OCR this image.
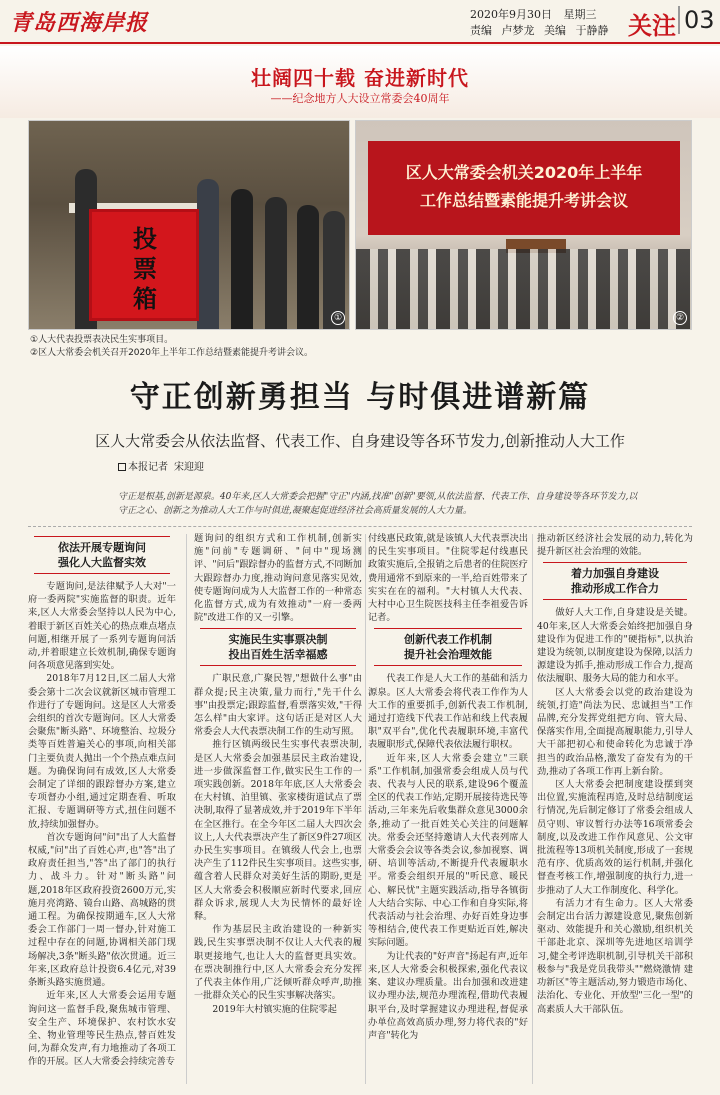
青岛西海岸报	2020年9月30日 星期三
责编 卢梦龙 美编 于静静 关注 03
壮阔四十载 奋进新时代
——纪念地方人大设立常委会40周年
投票箱
①
区人大常委会机关2020年上半年
工作总结暨素能提升考讲会议
②
①人大代表投票表决民生实事项目。
②区人大常委会机关召开2020年上半年工作总结暨素能提升考讲会议。
守正创新勇担当 与时俱进谱新篇
区人大常委会从依法监督、代表工作、自身建设等各环节发力,创新推动人大工作
本报记者 宋迎迎
守正是根基,创新是源泉。40年来,区人大常委会把握"守正"内涵,找准"创新"要领,从依法监督、代表工作、自身建设等各环节发力,以守正之心、创新之为推动人大工作与时俱进,凝聚起促进经济社会高质量发展的人大力量。
依法开展专题询问
强化人大监督实效

专题询问,是法律赋予人大对"一府一委两院"实施监督的职责。近年来,区人大常委会坚持以人民为中心,着眼于新区百姓关心的热点难点堵点问题,相继开展了一系列专题询问活动,并着眼建立长效机制,确保专题询问各项意见落到实处。

2018年7月12日,区二届人大常委会第十二次会议就新区城市管理工作进行了专题询问。这是区人大常委会组织的首次专题询问。区人大常委会聚焦"断头路"、环境整治、垃圾分类等百姓普遍关心的事项,向相关部门主要负责人抛出一个个热点难点问题。为确保询问有成效,区人大常委会制定了详细的跟踪督办方案,建立专项督办小组,通过定期查看、听取汇报、专题调研等方式,扭住问题不放,持续加强督办。

首次专题询问"问"出了人大监督权威,"问"出了百姓心声,也"答"出了政府责任担当,"答"出了部门的执行力、战斗力。针对"断头路"问题,2018年区政府投资2600万元,实施月亮湾路、镜台山路、高城路的贯通工程。为确保按期通车,区人大常委会工作部门一周一督办,针对施工过程中存在的问题,协调相关部门现场解决,3条"断头路"依次贯通。近三年来,区政府总计投资6.4亿元,对39条断头路实施贯通。

近年来,区人大常委会运用专题询问这一监督手段,聚焦城市管理、安全生产、环境保护、农村饮水安全、物业管理等民生热点,替百姓发问,为群众发声,有力地推动了各项工作的开展。区人大常委会持续完善专

题询问的组织方式和工作机制,创新实施"问前"专题调研、"问中"现场测评、"问后"跟踪督办的监督方式,不同断加大跟踪督办力度,推动询问意见落实见效,使专题询问成为人大监督工作的一种常态化监督方式,成为有效推动"一府一委两院"改进工作的又一引擎。

实施民生实事票决制
投出百姓生活幸福感

广职民意,广聚民智,"想做什么事"由群众提;民主决策,量力而行,"先干什么事"由投票定;跟踪监督,看票落实效,"干得怎么样"由大家评。这句话正是对区人大常委会人大代表票决制工作的生动写照。

推行区镇两级民生实事代表票决制,是区人大常委会加强基层民主政治建设,进一步做深监督工作,做实民生工作的一项实践创新。2018年年底,区人大常委会在大村镇、泊里镇、张家楼街道试点了票决制,取得了显著成效,并于2019年下半年在全区推行。在全今年区二届人大四次会议上,人大代表票决产生了新区9件27项区办民生实事项目。在镇级人代会上,也票决产生了112件民生实事项目。这些实事,蕴含着人民群众对美好生活的期盼,更是区人大常委会积极顺应新时代要求,回应群众诉求,展现人大为民情怀的最好诠释。

作为基层民主政治建设的一种新实践,民生实事票决制不仅让人大代表的履职更接地气,也让人大的监督更具实效。在票决制推行中,区人大常委会充分发挥了代表主体作用,广泛倾听群众呼声,助推一批群众关心的民生实事解决落实。

2019年大村镇实施的住院零起

付线惠民政策,就是该镇人大代表票决出的民生实事项目。"住院零起付线惠民政策实施后,全报销之后患者的住院医疗费用通常不到原来的一半,给百姓带来了实实在在的福利。"大村镇人大代表、大村中心卫生院医技科主任李祖爱告诉记者。

创新代表工作机制
提升社会治理效能

代表工作是人大工作的基础和活力源泉。区人大常委会将代表工作作为人大工作的重要抓手,创新代表工作机制,通过打造线下代表工作站和线上代表履职"双平台",优化代表履职环境,丰富代表履职形式,保障代表依法履行职权。

近年来,区人大常委会建立"三联系"工作机制,加强常委会组成人员与代表、代表与人民的联系,建设96个覆盖全区的代表工作站,定期开展接待选民等活动,三年来先后收集群众意见3000余条,推动了一批百姓关心关注的问题解决。常委会还坚持邀请人大代表列席人大常委会会议等各类会议,参加视察、调研、培训等活动,不断提升代表履职水平。常委会组织开展的"听民意、暖民心、解民忧"主题实践活动,指导各镇街人大结合实际、中心工作和自身实际,将代表活动与社会治理、办好百姓身边事等相结合,使代表工作更贴近百姓,解决实际问题。

为让代表的"好声音"扬起有声,近年来,区人大常委会积极探索,强化代表议案、建议办理质量。出台加强和改进建议办理办法,规范办理流程,借助代表履职平台,及时掌握建议办理进程,督促承办单位高效高质办理,努力将代表的"好声音"转化为

推动新区经济社会发展的动力,转化为提升新区社会治理的效能。

着力加强自身建设
推动形成工作合力

做好人大工作,自身建设是关键。40年来,区人大常委会始终把加强自身建设作为促进工作的"硬指标",以执治建设为统领,以制度建设为保障,以活力源建设为抓手,推动形成工作合力,提高依法履职、服务大局的能力和水平。

区人大常委会以党的政治建设为统领,打造"尚法为民、忠诚担当"工作品牌,充分发挥党组把方向、管大局、保落实作用,全面提高履职能力,引导人大干部把初心和使命转化为忠诚于净担当的政治品格,激发了奋发有为的干劲,推动了各项工作再上新台阶。

区人大常委会把制度建设摆到突出位置,实施流程再造,及时总结制度运行情况,先后制定修订了常委会组成人员守则、审议暂行办法等16项常委会制度,以及改进工作作风意见、公文审批流程等13项机关制度,形成了一套规范有序、优质高效的运行机制,并强化督查考核工作,增强制度的执行力,进一步推动了人大工作制度化、科学化。

有活力才有生命力。区人大常委会制定出台活力源建设意见,聚焦创新驱动、效能提升和关心激励,组织机关干部赴北京、深圳等先进地区培训学习,健全考评选职机制,引导机关干部积极参与"我是党员我带头""燃烧激情 建功新区"等主题活动,努力锻造市场化、法治化、专业化、开放型"三化一型"的高素质人大干部队伍。
